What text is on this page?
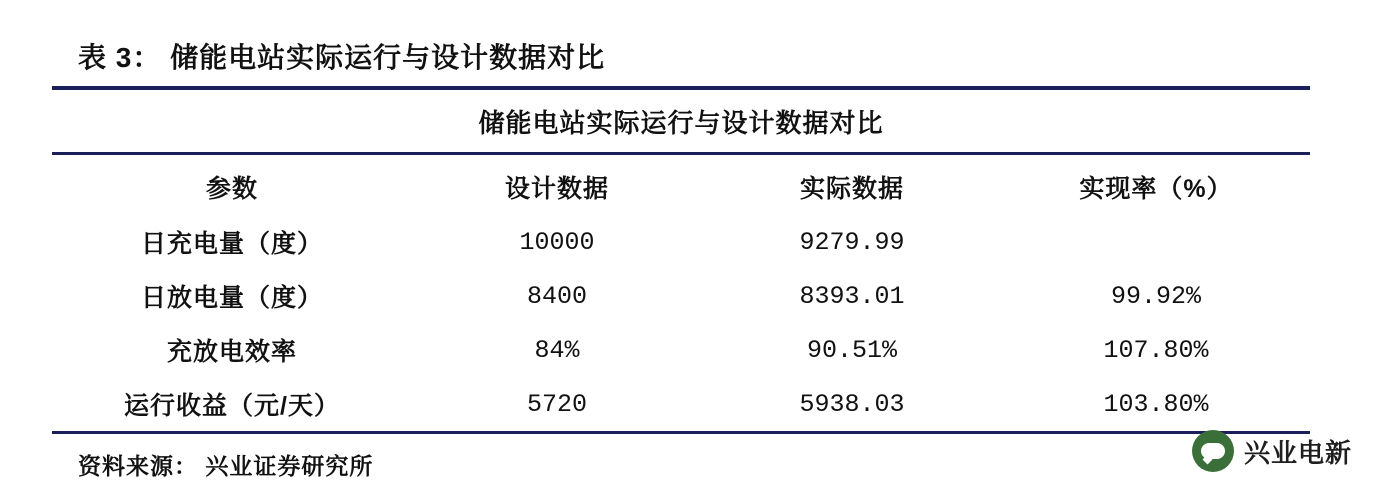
表 3： 储能电站实际运行与设计数据对比
储能电站实际运行与设计数据对比
参数	设计数据	实际数据	实现率（%）
日充电量（度）	10000	9279.99	
日放电量（度）	8400	8393.01	99.92%
充放电效率	84%	90.51%	107.80%
运行收益（元/天）	5720	5938.03	103.80%
资料来源： 兴业证券研究所	兴业电新
